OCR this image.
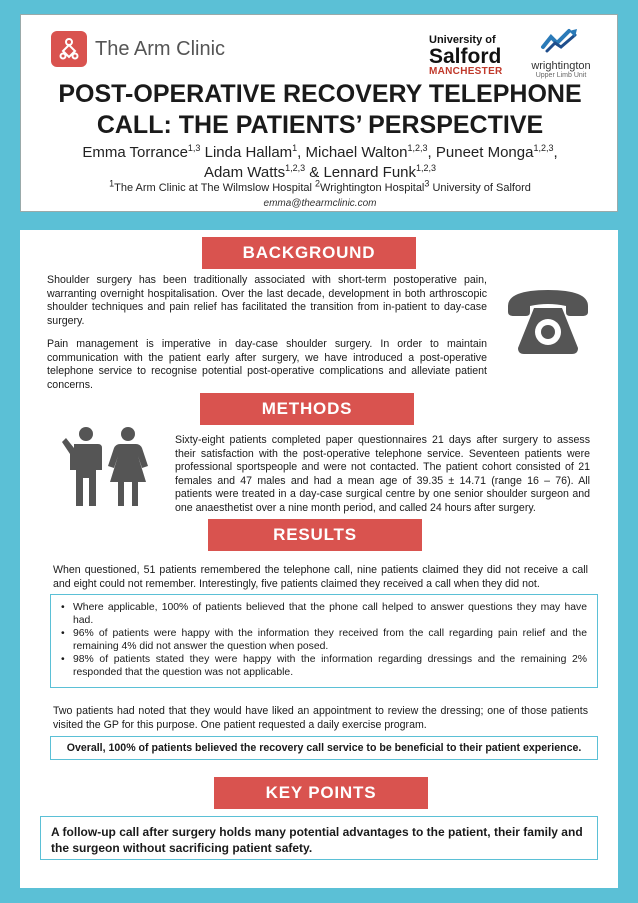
The Arm Clinic	University of
Salford
MANCHESTER	wrightington
Upper Limb Unit
POST-OPERATIVE RECOVERY TELEPHONE
CALL: THE PATIENTS’ PERSPECTIVE
Emma Torrance$^{1,3}$ Linda Hallam$^1$, Michael Walton$^{1,2,3}$, Puneet Monga$^{1,2,3}$,
Adam Watts$^{1,2,3}$ & Lennard Funk$^{1,2,3}$
$^1$The Arm Clinic at The Wilmslow Hospital $^2$Wrightington Hospital$^3$ University of Salford
emma@thearmclinic.com
BACKGROUND
Shoulder surgery has been traditionally associated with short-term postoperative pain, warranting overnight hospitalisation. Over the last decade, development in both arthroscopic shoulder techniques and pain relief has facilitated the transition from in-patient to day-case surgery.
Pain management is imperative in day-case shoulder surgery. In order to maintain communication with the patient early after surgery, we have introduced a post-operative telephone service to recognise potential post-operative complications and alleviate patient concerns.
METHODS
Sixty-eight patients completed paper questionnaires 21 days after surgery to assess their satisfaction with the post-operative telephone service. Seventeen patients were professional sportspeople and were not contacted. The patient cohort consisted of 21 females and 47 males and had a mean age of 39.35 ± 14.71 (range 16 – 76). All patients were treated in a day-case surgical centre by one senior shoulder surgeon and one anaesthetist over a nine month period, and called 24 hours after surgery.
RESULTS
When questioned, 51 patients remembered the telephone call, nine patients claimed they did not receive a call and eight could not remember. Interestingly, five patients claimed they received a call when they did not.
• Where applicable, 100% of patients believed that the phone call helped to answer questions they may have had.
• 96% of patients were happy with the information they received from the call regarding pain relief and the remaining 4% did not answer the question when posed.
• 98% of patients stated they were happy with the information regarding dressings and the remaining 2% responded that the question was not applicable.
Two patients had noted that they would have liked an appointment to review the dressing; one of those patients visited the GP for this purpose. One patient requested a daily exercise program.
Overall, 100% of patients believed the recovery call service to be beneficial to their patient experience.
KEY POINTS
A follow-up call after surgery holds many potential advantages to the patient, their family and the surgeon without sacrificing patient safety.
